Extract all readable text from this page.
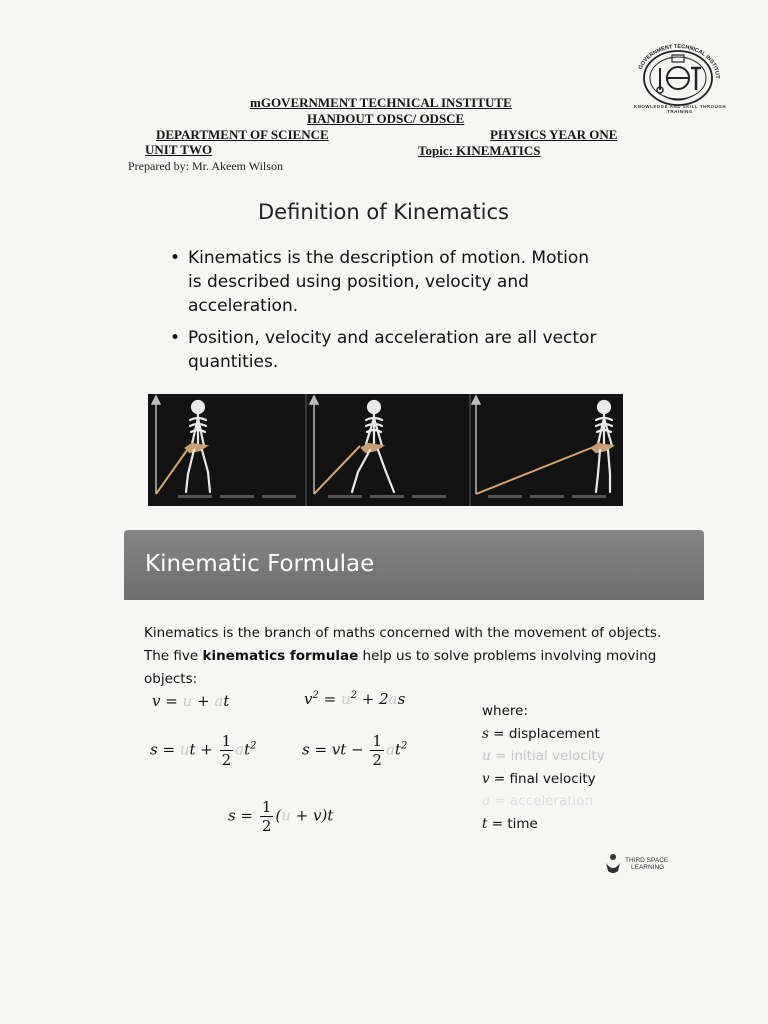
mGOVERNMENT TECHNICAL INSTITUTE
HANDOUT ODSC/ ODSCE
DEPARTMENT OF SCIENCE	PHYSICS YEAR ONE
UNIT TWO	Topic: KINEMATICS
Prepared by: Mr. Akeem Wilson
GOVERNMENT TECHNICAL INSTITUT
KNOWLEDGE AND SKILL THROUGH TRAINING
Definition of Kinematics
• Kinematics is the description of motion. Motion is described using position, velocity and acceleration.
• Position, velocity and acceleration are all vector quantities.
Kinematic Formulae
Kinematics is the branch of maths concerned with the movement of objects.
The five kinematics formulae help us to solve problems involving moving objects:
v = u + at	$v^2 = u^2 + 2as$
s = ut + $\frac{1}{2} at^2$	s = vt − $\frac{1}{2} at^2$
$s = \frac{1}{2} (u + v)t$
where:
s = displacement
u = initial velocity
v = final velocity
a = acceleration
t = time
THIRD SPACE
LEARNING
